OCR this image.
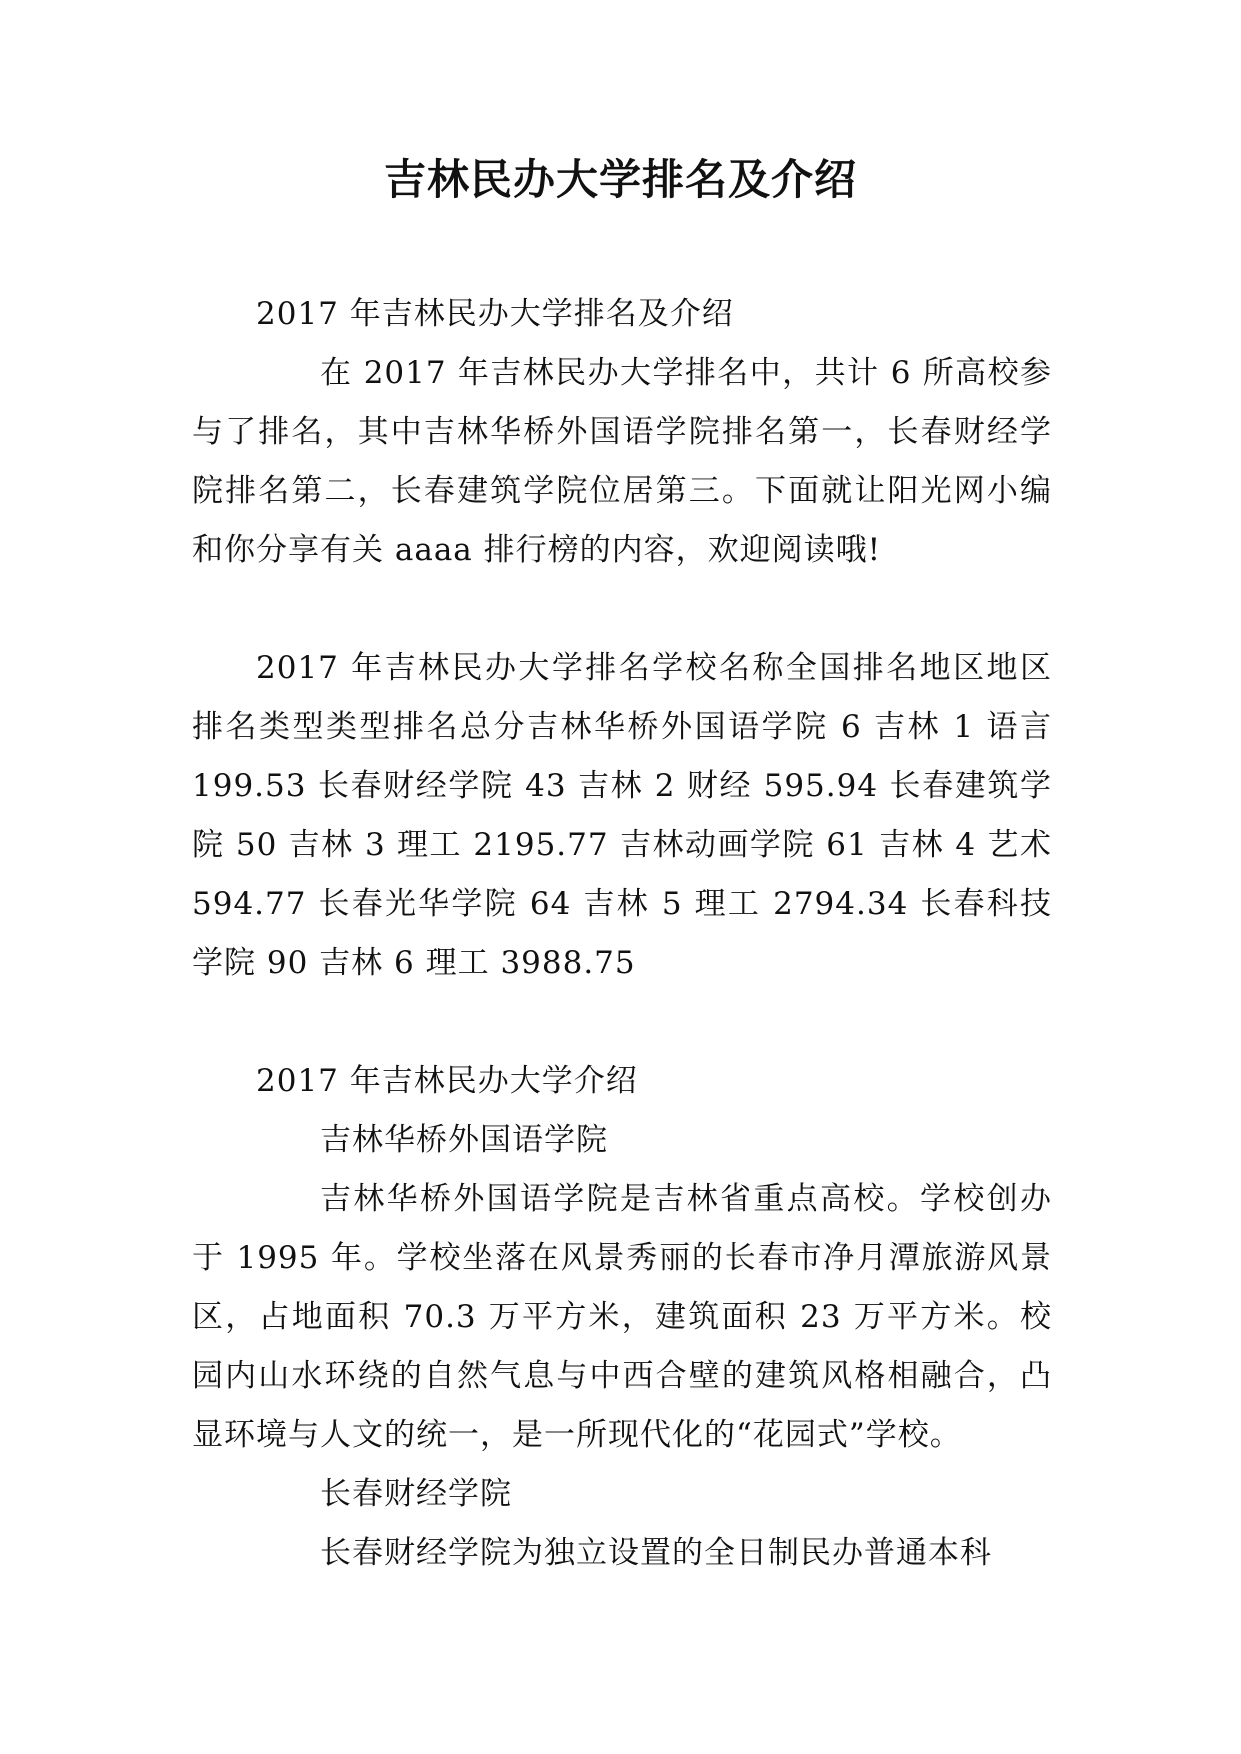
吉林民办大学排名及介绍

2017 年吉林民办大学排名及介绍

在 2017 年吉林民办大学排名中，共计 6 所高校参与了排名，其中吉林华桥外国语学院排名第一，长春财经学院排名第二，长春建筑学院位居第三。下面就让阳光网小编和你分享有关 aaaa 排行榜的内容，欢迎阅读哦!

2017 年吉林民办大学排名学校名称全国排名地区地区排名类型类型排名总分吉林华桥外国语学院 6 吉林 1 语言 199.53 长春财经学院 43 吉林 2 财经 595.94 长春建筑学院 50 吉林 3 理工 2195.77 吉林动画学院 61 吉林 4 艺术 594.77 长春光华学院 64 吉林 5 理工 2794.34 长春科技学院 90 吉林 6 理工 3988.75

2017 年吉林民办大学介绍

吉林华桥外国语学院

吉林华桥外国语学院是吉林省重点高校。学校创办于 1995 年。学校坐落在风景秀丽的长春市净月潭旅游风景区，占地面积 70.3 万平方米，建筑面积 23 万平方米。校园内山水环绕的自然气息与中西合壁的建筑风格相融合，凸显环境与人文的统一，是一所现代化的“花园式”学校。

长春财经学院

长春财经学院为独立设置的全日制民办普通本科
